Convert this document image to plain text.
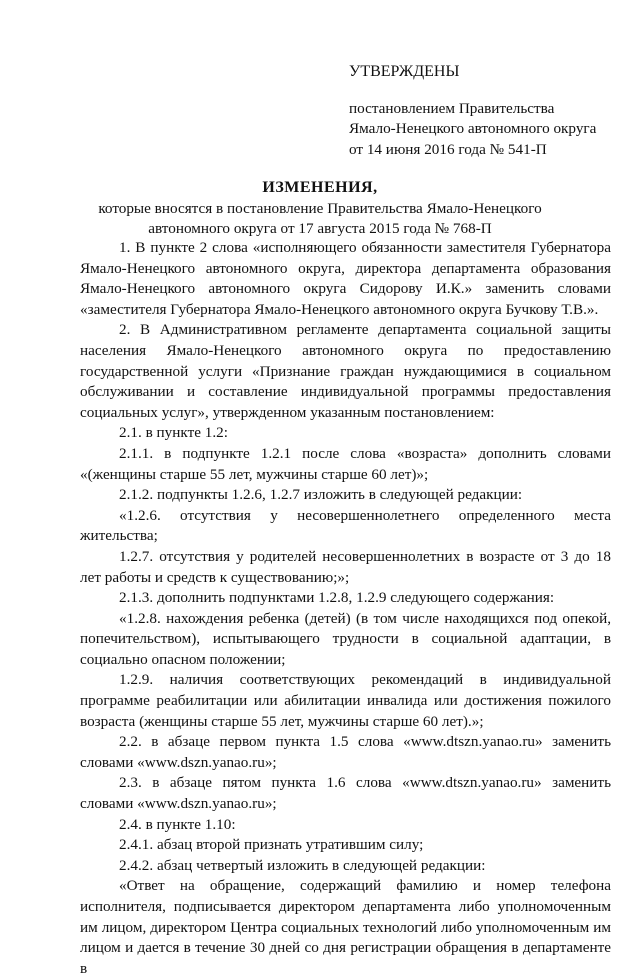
УТВЕРЖДЕНЫ
постановлением Правительства
Ямало-Ненецкого автономного округа
от 14 июня 2016 года № 541-П
ИЗМЕНЕНИЯ,
которые вносятся в постановление Правительства Ямало-Ненецкого
автономного округа от 17 августа 2015 года № 768-П

1. В пункте 2 слова «исполняющего обязанности заместителя Губернатора Ямало-Ненецкого автономного округа, директора департамента образования Ямало-Ненецкого автономного округа Сидорову И.К.» заменить словами «заместителя Губернатора Ямало-Ненецкого автономного округа Бучкову Т.В.».

2. В Административном регламенте департамента социальной защиты населения Ямало-Ненецкого автономного округа по предоставлению государственной услуги «Признание граждан нуждающимися в социальном обслуживании и составление индивидуальной программы предоставления социальных услуг», утвержденном указанным постановлением:

2.1. в пункте 1.2:

2.1.1. в подпункте 1.2.1 после слова «возраста» дополнить словами «(женщины старше 55 лет, мужчины старше 60 лет)»;

2.1.2. подпункты 1.2.6, 1.2.7 изложить в следующей редакции:

«1.2.6. отсутствия у несовершеннолетнего определенного места жительства;

1.2.7. отсутствия у родителей несовершеннолетних в возрасте от 3 до 18 лет работы и средств к существованию;»;

2.1.3. дополнить подпунктами 1.2.8, 1.2.9 следующего содержания:

«1.2.8. нахождения ребенка (детей) (в том числе находящихся под опекой, попечительством), испытывающего трудности в социальной адаптации, в социально опасном положении;

1.2.9. наличия соответствующих рекомендаций в индивидуальной программе реабилитации или абилитации инвалида или достижения пожилого возраста (женщины старше 55 лет, мужчины старше 60 лет).»;

2.2. в абзаце первом пункта 1.5 слова «www.dtszn.yanao.ru» заменить словами «www.dszn.yanao.ru»;

2.3. в абзаце пятом пункта 1.6 слова «www.dtszn.yanao.ru» заменить словами «www.dszn.yanao.ru»;

2.4. в пункте 1.10:

2.4.1. абзац второй признать утратившим силу;

2.4.2. абзац четвертый изложить в следующей редакции:

«Ответ на обращение, содержащий фамилию и номер телефона исполнителя, подписывается директором департамента либо уполномоченным им лицом, директором Центра социальных технологий либо уполномоченным им лицом и дается в течение 30 дней со дня регистрации обращения в департаменте в
